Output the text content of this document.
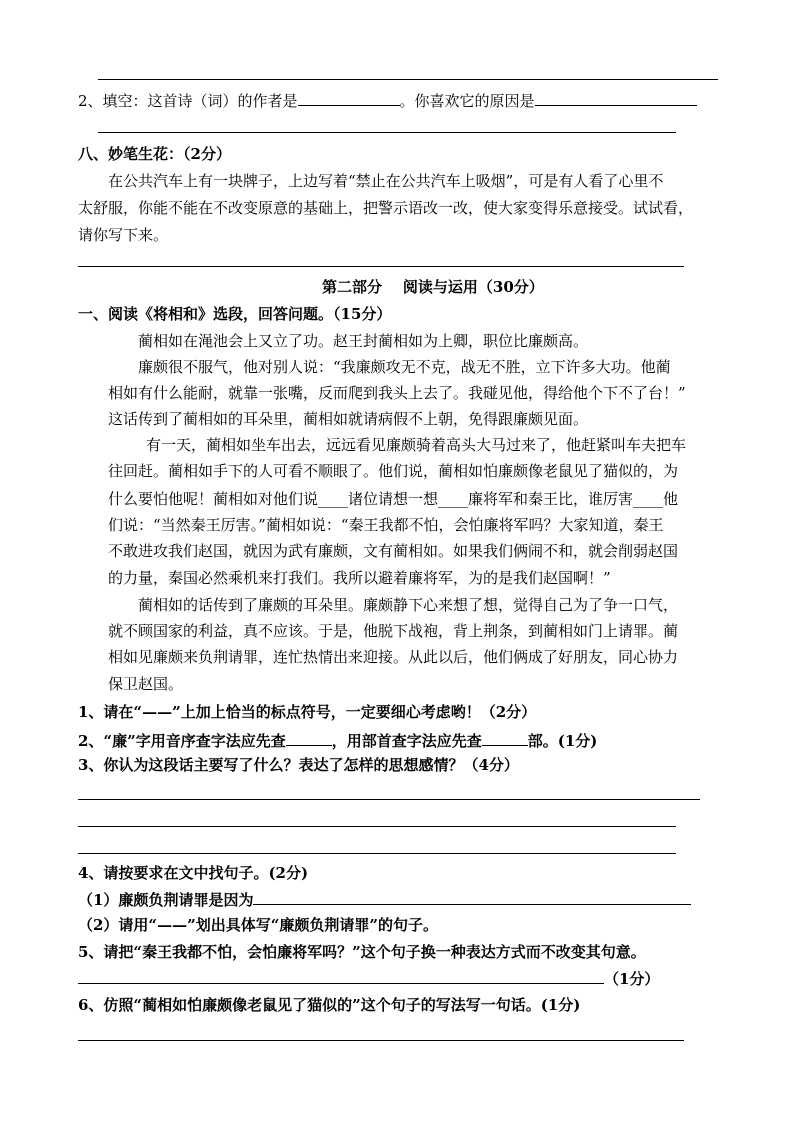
2、填空：这首诗（词）的作者是	。你喜欢它的原因是
八、妙笔生花：（2分）
在公共汽车上有一块牌子，上边写着“禁止在公共汽车上吸烟”，可是有人看了心里不
太舒服，你能不能在不改变原意的基础上，把警示语改一改，使大家变得乐意接受。试试看，
请你写下来。
第二部分    阅读与运用（30分）
一、阅读《将相和》选段，回答问题。（15分）
蔺相如在渑池会上又立了功。赵王封蔺相如为上卿，职位比廉颇高。
廉颇很不服气，他对别人说：“我廉颇攻无不克，战无不胜，立下许多大功。他蔺
相如有什么能耐，就靠一张嘴，反而爬到我头上去了。我碰见他，得给他个下不了台！”
这话传到了蔺相如的耳朵里，蔺相如就请病假不上朝，免得跟廉颇见面。
有一天，蔺相如坐车出去，远远看见廉颇骑着高头大马过来了，他赶紧叫车夫把车
往回赶。蔺相如手下的人可看不顺眼了。他们说，蔺相如怕廉颇像老鼠见了猫似的，为
什么要怕他呢！蔺相如对他们说____诸位请想一想____廉将军和秦王比，谁厉害____他
们说：“当然秦王厉害。”蔺相如说：“秦王我都不怕，会怕廉将军吗？大家知道，秦王
不敢进攻我们赵国，就因为武有廉颇，文有蔺相如。如果我们俩闹不和，就会削弱赵国
的力量，秦国必然乘机来打我们。我所以避着廉将军，为的是我们赵国啊！”
蔺相如的话传到了廉颇的耳朵里。廉颇静下心来想了想，觉得自己为了争一口气，
就不顾国家的利益，真不应该。于是，他脱下战袍，背上荆条，到蔺相如门上请罪。蔺
相如见廉颇来负荆请罪，连忙热情出来迎接。从此以后，他们俩成了好朋友，同心协力
保卫赵国。
1、请在“——”上加上恰当的标点符号，一定要细心考虑哟！（2分）
2、“廉”字用音序查字法应先查	，用部首查字法应先查	部。(1分)
3、你认为这段话主要写了什么？表达了怎样的思想感情？（4分）
4、请按要求在文中找句子。(2分)
（1）廉颇负荆请罪是因为
（2）请用“——”划出具体写“廉颇负荆请罪”的句子。
5、请把“秦王我都不怕，会怕廉将军吗？”这个句子换一种表达方式而不改变其句意。
（1分）
6、仿照“蔺相如怕廉颇像老鼠见了猫似的”这个句子的写法写一句话。(1分)
